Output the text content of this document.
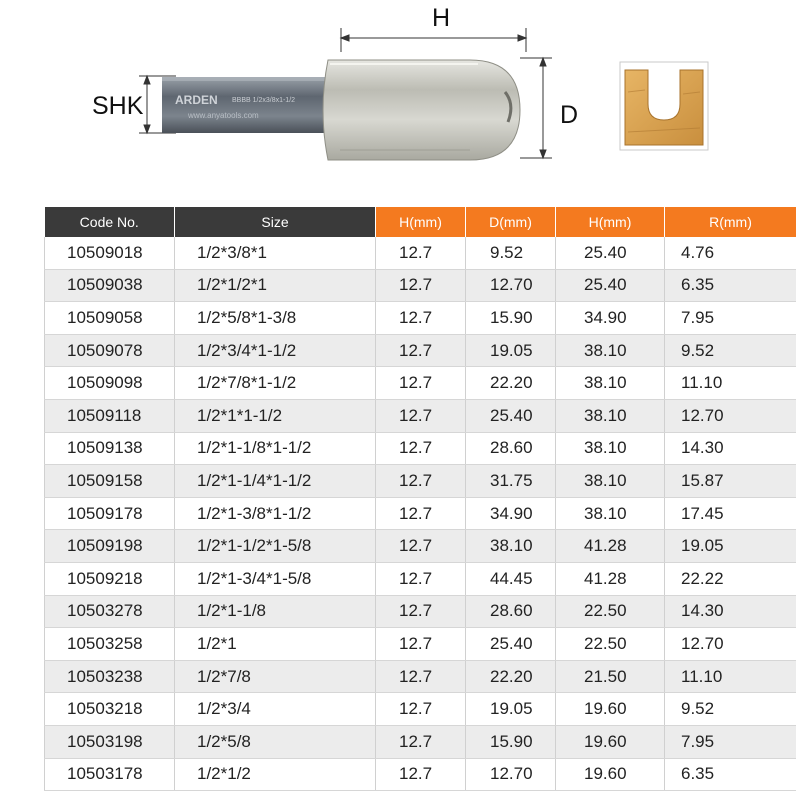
ARDEN BBBB 1/2x3/8x1-1/2
www.anyatools.com
H
SHK	D
Code No.	Size	H(mm)	D(mm)	H(mm)	R(mm)
10509018	1/2*3/8*1	12.7	9.52	25.40	4.76
10509038	1/2*1/2*1	12.7	12.70	25.40	6.35
10509058	1/2*5/8*1-3/8	12.7	15.90	34.90	7.95
10509078	1/2*3/4*1-1/2	12.7	19.05	38.10	9.52
10509098	1/2*7/8*1-1/2	12.7	22.20	38.10	11.10
10509118	1/2*1*1-1/2	12.7	25.40	38.10	12.70
10509138	1/2*1-1/8*1-1/2	12.7	28.60	38.10	14.30
10509158	1/2*1-1/4*1-1/2	12.7	31.75	38.10	15.87
10509178	1/2*1-3/8*1-1/2	12.7	34.90	38.10	17.45
10509198	1/2*1-1/2*1-5/8	12.7	38.10	41.28	19.05
10509218	1/2*1-3/4*1-5/8	12.7	44.45	41.28	22.22
10503278	1/2*1-1/8	12.7	28.60	22.50	14.30
10503258	1/2*1	12.7	25.40	22.50	12.70
10503238	1/2*7/8	12.7	22.20	21.50	11.10
10503218	1/2*3/4	12.7	19.05	19.60	9.52
10503198	1/2*5/8	12.7	15.90	19.60	7.95
10503178	1/2*1/2	12.7	12.70	19.60	6.35
